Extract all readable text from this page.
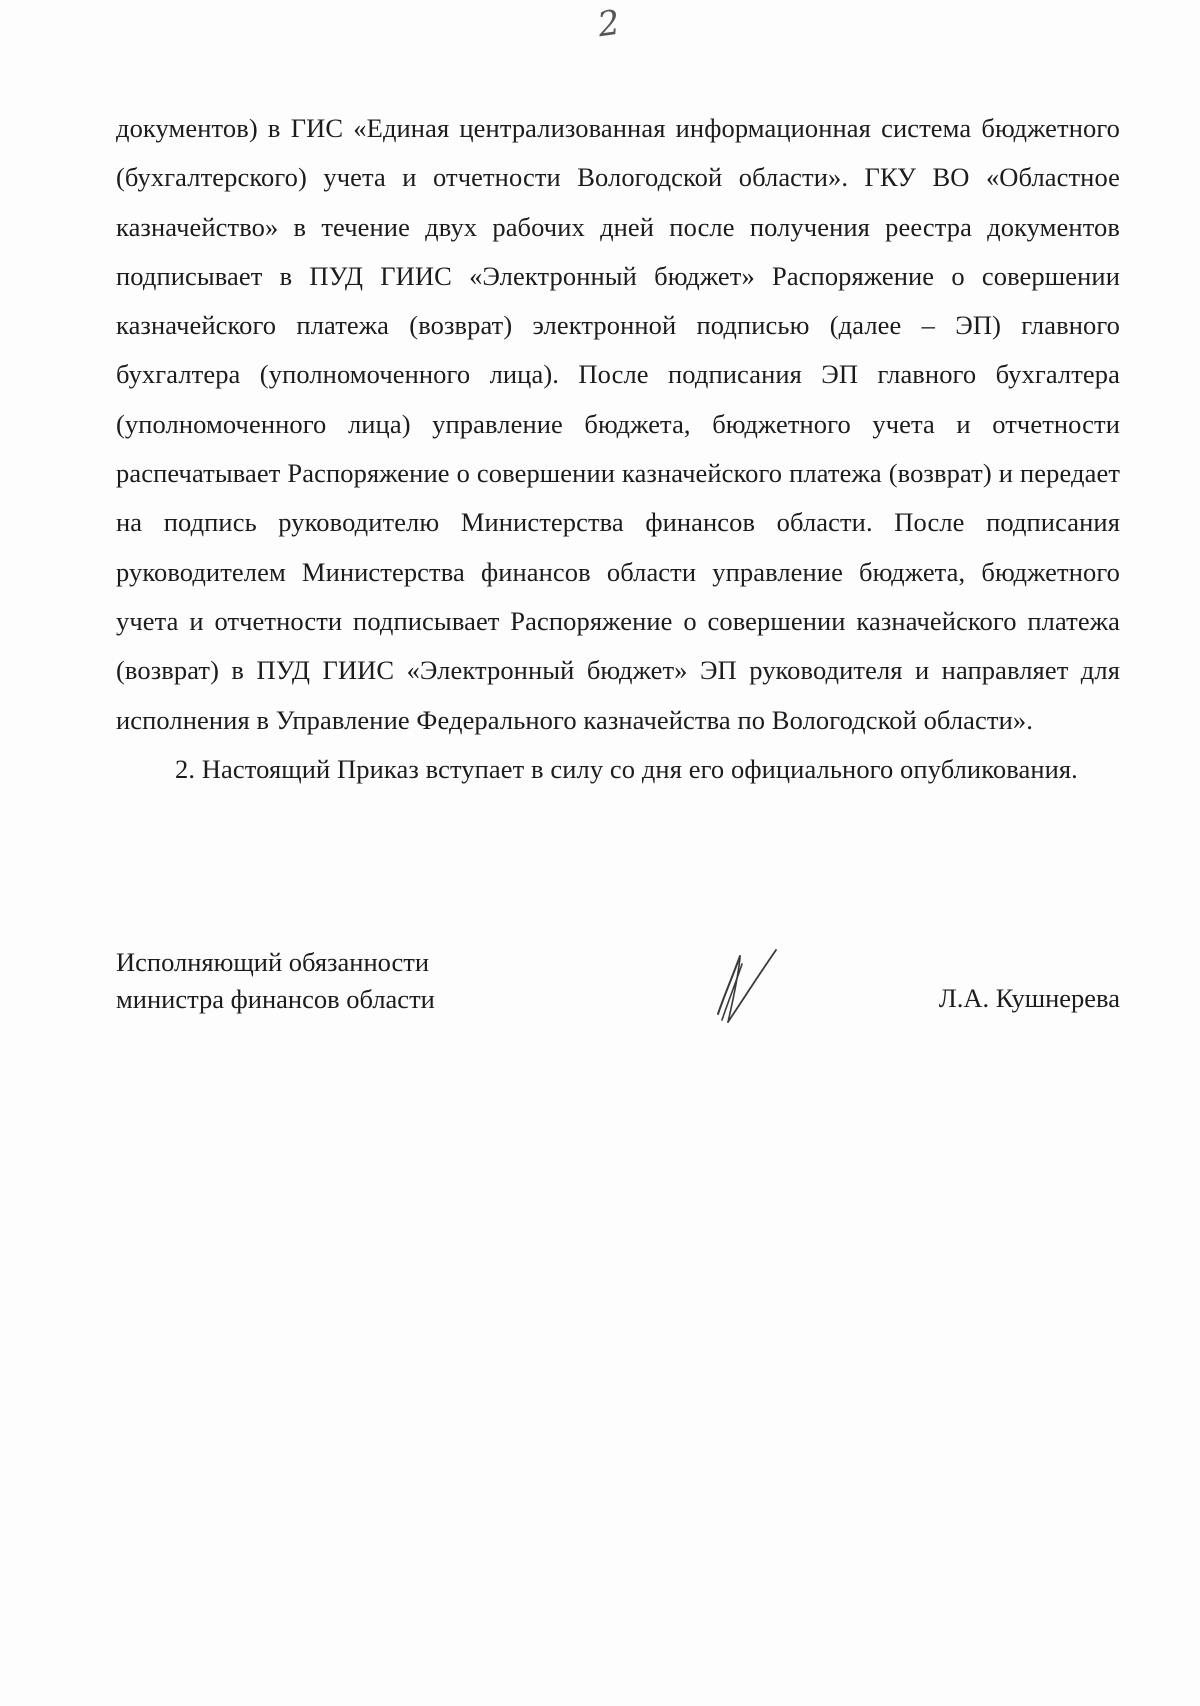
2

документов) в ГИС «Единая централизованная информационная система бюджетного (бухгалтерского) учета и отчетности Вологодской области». ГКУ ВО «Областное казначейство» в течение двух рабочих дней после получения реестра документов подписывает в ПУД ГИИС «Электронный бюджет» Распоряжение о совершении казначейского платежа (возврат) электронной подписью (далее – ЭП) главного бухгалтера (уполномоченного лица). После подписания ЭП главного бухгалтера (уполномоченного лица) управление бюджета, бюджетного учета и отчетности распечатывает Распоряжение о совершении казначейского платежа (возврат) и передает на подпись руководителю Министерства финансов области. После подписания руководителем Министерства финансов области управление бюджета, бюджетного учета и отчетности подписывает Распоряжение о совершении казначейского платежа (возврат) в ПУД ГИИС «Электронный бюджет» ЭП руководителя и направляет для исполнения в Управление Федерального казначейства по Вологодской области».

2. Настоящий Приказ вступает в силу со дня его официального опубликования.

Исполняющий обязанности
министра финансов области	Л.А. Кушнерева
